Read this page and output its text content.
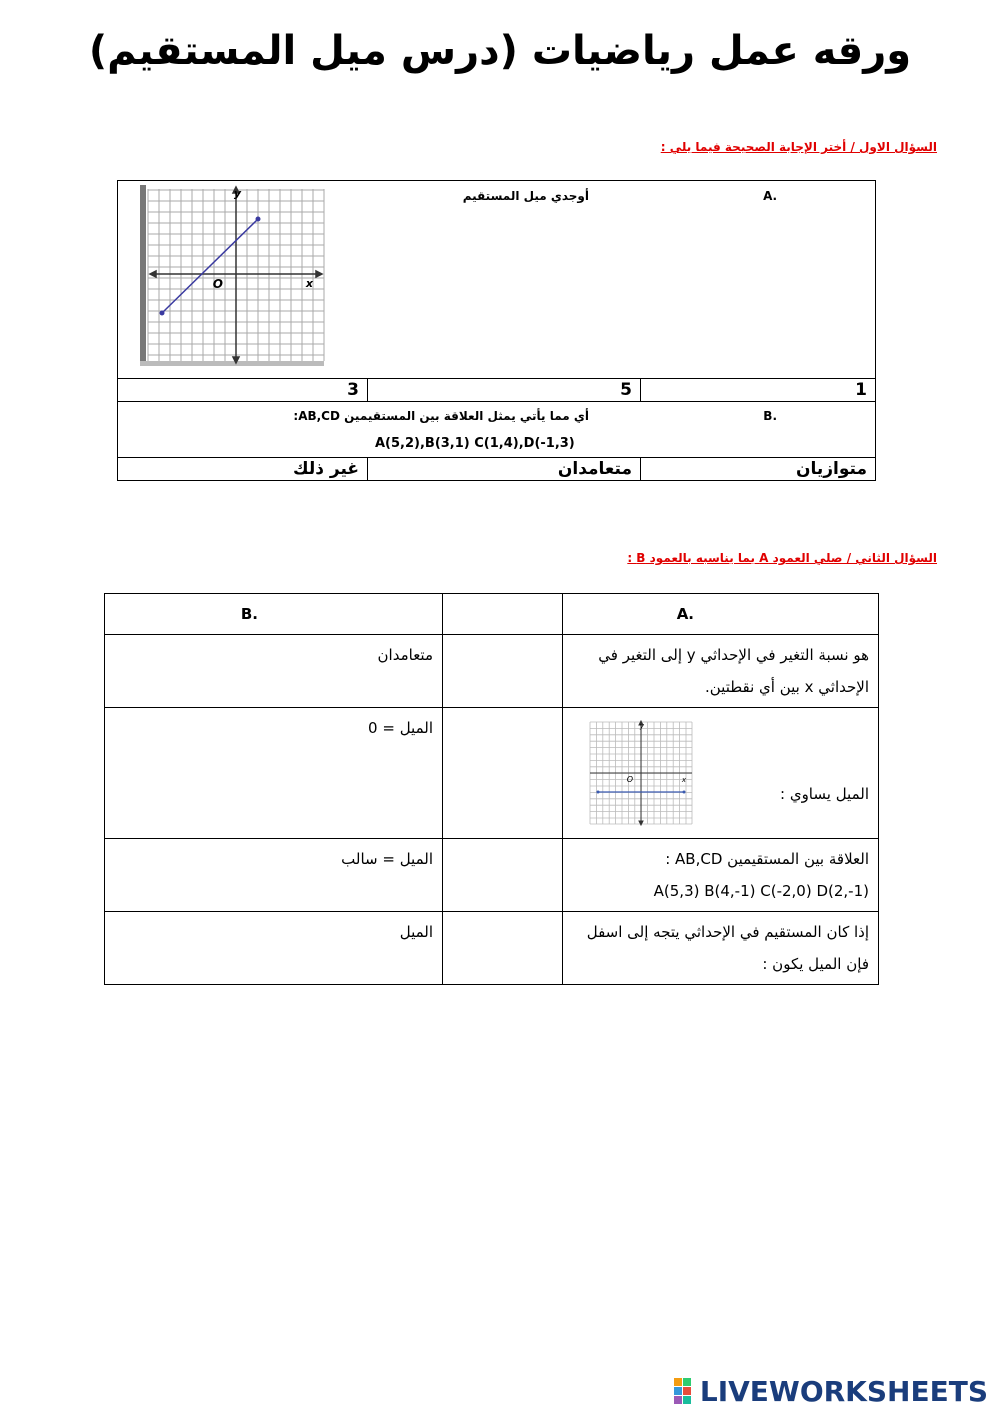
ورقه عمل رياضيات (درس ميل المستقيم)
السؤال الاول / أختر الإجابة الصحيحة فيما يلي :
.A
أوجدي ميل المستقيم
y
x
O		

1	5	3

.B
أي مما يأتي يمثل العلاقة بين المستقيمين AB,CD:
A(5,2),B(3,1) C(1,4),D(-1,3)		

متوازيان	متعامدان	غير ذلك
السؤال الثاني / صلي العمود A بما يناسبه بالعمود B :
.A		.B

هو نسبة التغير في الإحداثي y إلى التغير في
الإحداثي x بين أي نقطتين.		متعامدان

الميل يساوي :
y
x
O		الميل = 0

العلاقة بين المستقيمين AB,CD :
A(5,3) B(4,-1) C(-2,0) D(2,-1)		الميل = سالب

إذا كان المستقيم في الإحداثي يتجه إلى اسفل
فإن الميل يكون :		الميل
LIVEWORKSHEETS
